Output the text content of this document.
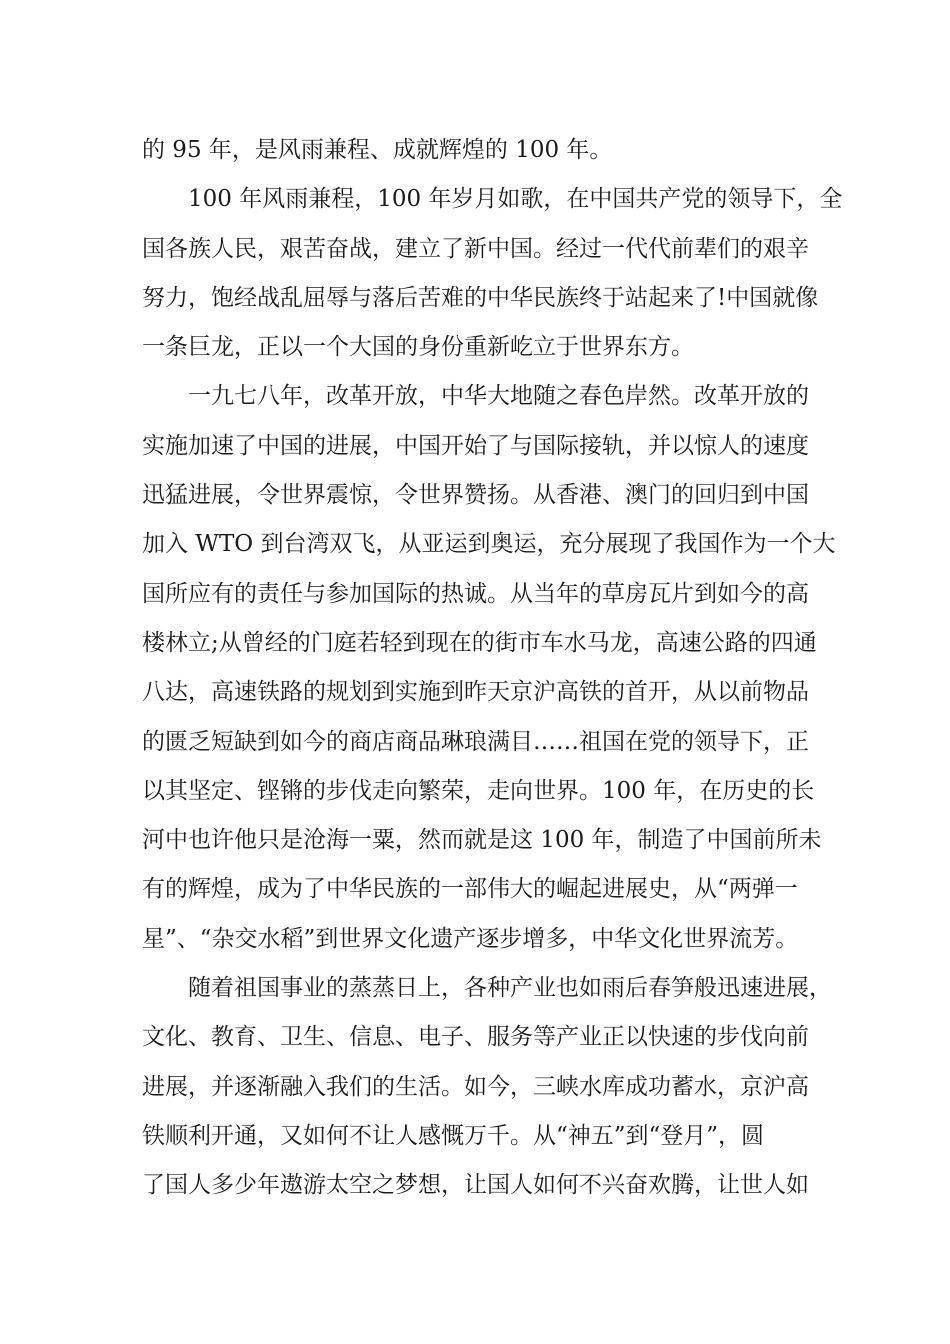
的 95 年，是风雨兼程、成就辉煌的 100 年。
100 年风雨兼程，100 年岁月如歌，在中国共产党的领导下，全
国各族人民，艰苦奋战，建立了新中国。经过一代代前辈们的艰辛
努力，饱经战乱屈辱与落后苦难的中华民族终于站起来了!中国就像
一条巨龙，正以一个大国的身份重新屹立于世界东方。
一九七八年，改革开放，中华大地随之春色岸然。改革开放的
实施加速了中国的进展，中国开始了与国际接轨，并以惊人的速度
迅猛进展，令世界震惊，令世界赞扬。从香港、澳门的回归到中国
加入 WTO 到台湾双飞，从亚运到奥运，充分展现了我国作为一个大
国所应有的责任与参加国际的热诚。从当年的草房瓦片到如今的高
楼林立;从曾经的门庭若轻到现在的街市车水马龙，高速公路的四通
八达，高速铁路的规划到实施到昨天京沪高铁的首开，从以前物品
的匮乏短缺到如今的商店商品琳琅满目……祖国在党的领导下，正
以其坚定、铿锵的步伐走向繁荣，走向世界。100 年，在历史的长
河中也许他只是沧海一粟，然而就是这 100 年，制造了中国前所未
有的辉煌，成为了中华民族的一部伟大的崛起进展史，从“两弹一
星”、“杂交水稻”到世界文化遗产逐步增多，中华文化世界流芳。
随着祖国事业的蒸蒸日上，各种产业也如雨后春笋般迅速进展，
文化、教育、卫生、信息、电子、服务等产业正以快速的步伐向前
进展，并逐渐融入我们的生活。如今，三峡水库成功蓄水，京沪高
铁顺利开通，又如何不让人感慨万千。从“神五”到“登月”，圆
了国人多少年遨游太空之梦想，让国人如何不兴奋欢腾，让世人如
